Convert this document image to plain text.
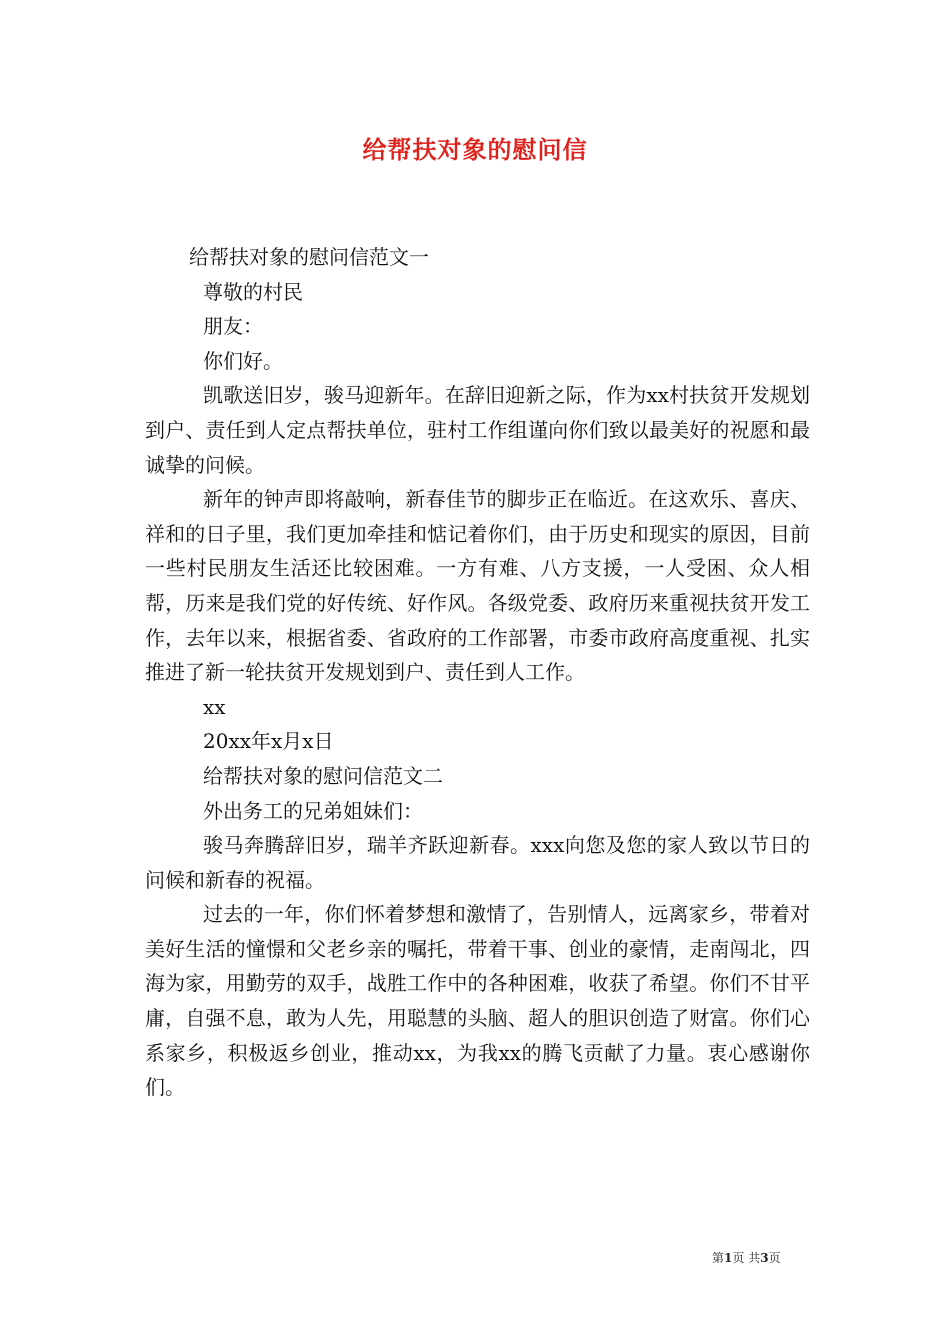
给帮扶对象的慰问信

给帮扶对象的慰问信范文一

尊敬的村民

朋友：

你们好。

凯歌送旧岁，骏马迎新年。在辞旧迎新之际，作为xx村扶贫开发规划到户、责任到人定点帮扶单位，驻村工作组谨向你们致以最美好的祝愿和最诚挚的问候。

新年的钟声即将敲响，新春佳节的脚步正在临近。在这欢乐、喜庆、祥和的日子里，我们更加牵挂和惦记着你们，由于历史和现实的原因，目前一些村民朋友生活还比较困难。一方有难、八方支援，一人受困、众人相帮，历来是我们党的好传统、好作风。各级党委、政府历来重视扶贫开发工作，去年以来，根据省委、省政府的工作部署，市委市政府高度重视、扎实推进了新一轮扶贫开发规划到户、责任到人工作。

xx

20xx年x月x日

给帮扶对象的慰问信范文二

外出务工的兄弟姐妹们：

骏马奔腾辞旧岁，瑞羊齐跃迎新春。xxx向您及您的家人致以节日的问候和新春的祝福。

过去的一年，你们怀着梦想和激情了，告别情人，远离家乡，带着对美好生活的憧憬和父老乡亲的嘱托，带着干事、创业的豪情，走南闯北，四海为家，用勤劳的双手，战胜工作中的各种困难，收获了希望。你们不甘平庸，自强不息，敢为人先，用聪慧的头脑、超人的胆识创造了财富。你们心系家乡，积极返乡创业，推动xx，为我xx的腾飞贡献了力量。衷心感谢你们。

第1页 共3页
